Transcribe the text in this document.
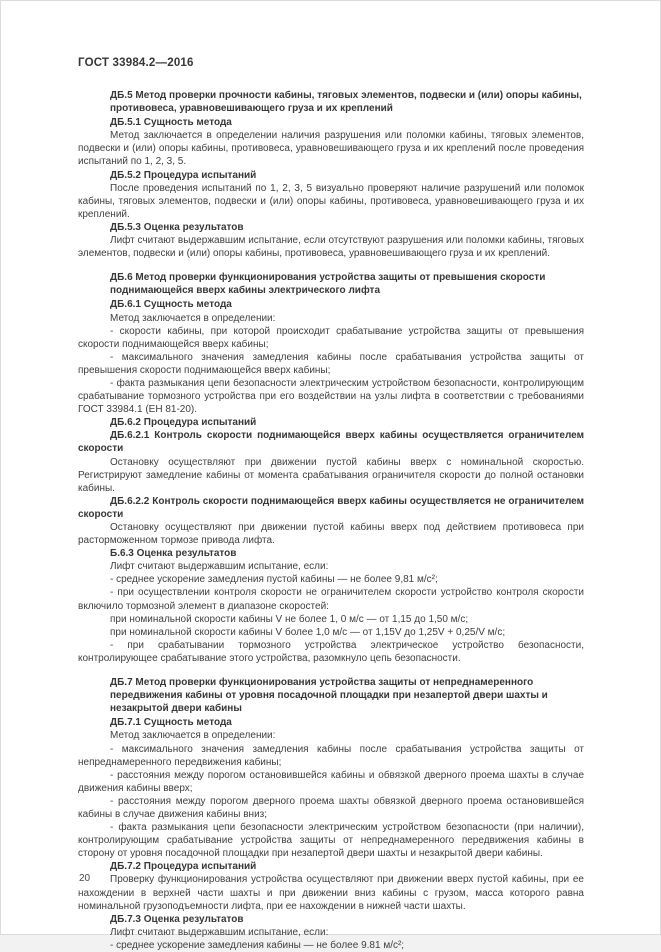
ГОСТ 33984.2—2016
ДБ.5 Метод проверки прочности кабины, тяговых элементов, подвески и (или) опоры кабины, противовеса, уравновешивающего груза и их креплений
ДБ.5.1 Сущность метода
Метод заключается в определении наличия разрушения или поломки кабины, тяговых элементов, подвески и (или) опоры кабины, противовеса, уравновешивающего груза и их креплений после проведения испытаний по 1, 2, 3, 5.
ДБ.5.2 Процедура испытаний
После проведения испытаний по 1, 2, 3, 5 визуально проверяют наличие разрушений или поломок кабины, тяговых элементов, подвески и (или) опоры кабины, противовеса, уравновешивающего груза и их креплений.
ДБ.5.3 Оценка результатов
Лифт считают выдержавшим испытание, если отсутствуют разрушения или поломки кабины, тяговых элементов, подвески и (или) опоры кабины, противовеса, уравновешивающего груза и их креплений.
ДБ.6 Метод проверки функционирования устройства защиты от превышения скорости поднимающейся вверх кабины электрического лифта
ДБ.6.1 Сущность метода
Метод заключается в определении:
- скорости кабины, при которой происходит срабатывание устройства защиты от превышения скорости поднимающейся вверх кабины;
- максимального значения замедления кабины после срабатывания устройства защиты от превышения скорости поднимающейся вверх кабины;
- факта размыкания цепи безопасности электрическим устройством безопасности, контролирующим срабатывание тормозного устройства при его воздействии на узлы лифта в соответствии с требованиями ГОСТ 33984.1 (ЕН 81-20).
ДБ.6.2 Процедура испытаний
ДБ.6.2.1 Контроль скорости поднимающейся вверх кабины осуществляется ограничителем скорости
Остановку осуществляют при движении пустой кабины вверх с номинальной скоростью. Регистрируют замедление кабины от момента срабатывания ограничителя скорости до полной остановки кабины.
ДБ.6.2.2 Контроль скорости поднимающейся вверх кабины осуществляется не ограничителем скорости
Остановку осуществляют при движении пустой кабины вверх под действием противовеса при расторможенном тормозе привода лифта.
Б.6.3 Оценка результатов
Лифт считают выдержавшим испытание, если:
- среднее ускорение замедления пустой кабины — не более 9,81 м/с²;
- при осуществлении контроля скорости не ограничителем скорости устройство контроля скорости включило тормозной элемент в диапазоне скоростей:
при номинальной скорости кабины V не более 1, 0 м/с — от 1,15 до 1,50 м/с;
при номинальной скорости кабины V более 1,0 м/с — от 1,15V до 1,25V + 0,25/V м/с;
- при срабатывании тормозного устройства электрическое устройство безопасности, контролирующее срабатывание этого устройства, разомкнуло цепь безопасности.
ДБ.7 Метод проверки функционирования устройства защиты от непреднамеренного передвижения кабины от уровня посадочной площадки при незапертой двери шахты и незакрытой двери кабины
ДБ.7.1 Сущность метода
Метод заключается в определении:
- максимального значения замедления кабины после срабатывания устройства защиты от непреднамеренного передвижения кабины;
- расстояния между порогом остановившейся кабины и обвязкой дверного проема шахты в случае движения кабины вверх;
- расстояния между порогом дверного проема шахты обвязкой дверного проема остановившейся кабины в случае движения кабины вниз;
- факта размыкания цепи безопасности электрическим устройством безопасности (при наличии), контролирующим срабатывание устройства защиты от непреднамеренного передвижения кабины в сторону от уровня посадочной площадки при незапертой двери шахты и незакрытой двери кабины.
ДБ.7.2 Процедура испытаний
Проверку функционирования устройства осуществляют при движении вверх пустой кабины, при ее нахождении в верхней части шахты и при движении вниз кабины с грузом, масса которого равна номинальной грузоподъемности лифта, при ее нахождении в нижней части шахты.
ДБ.7.3 Оценка результатов
Лифт считают выдержавшим испытание, если:
- среднее ускорение замедления кабины — не более 9.81 м/с²;
20
